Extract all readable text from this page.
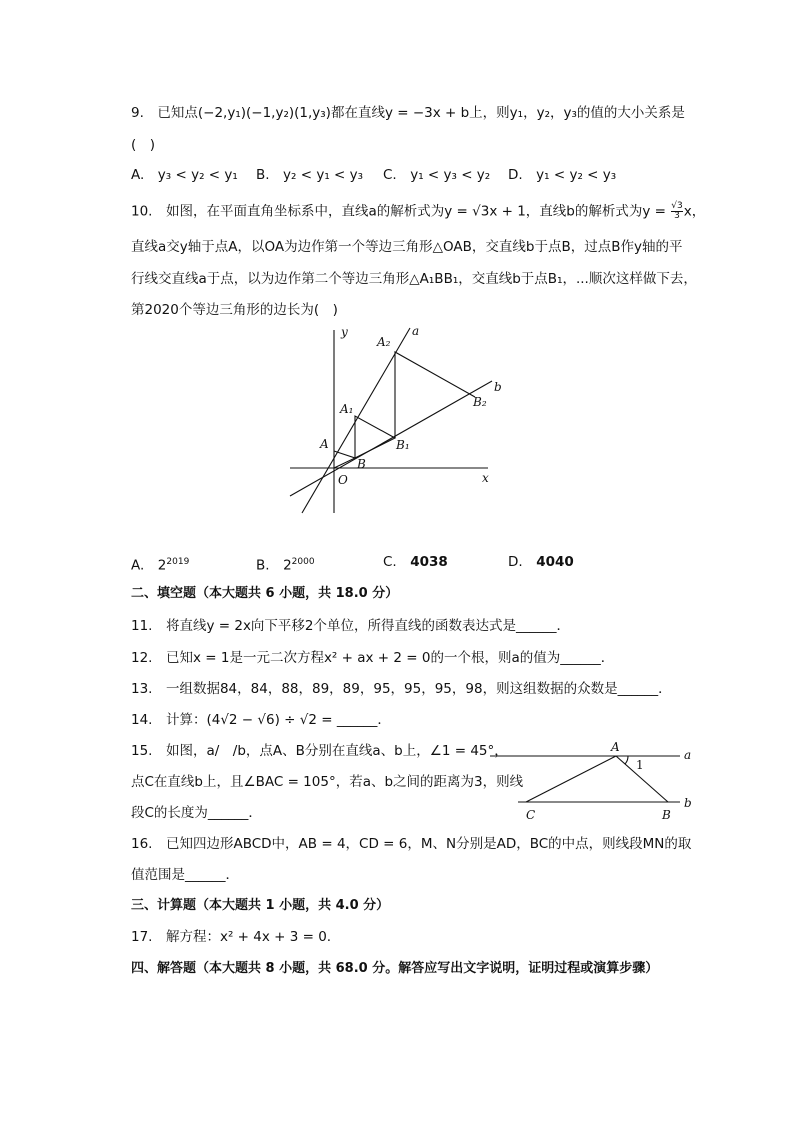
9. 已知点(−2,y₁)(−1,y₂)(1,y₃)都在直线y = −3x + b上，则y₁，y₂，y₃的值的大小关系是
( )
A. y₃ < y₂ < y₁ B. y₂ < y₁ < y₃ C. y₁ < y₃ < y₂ D. y₁ < y₂ < y₃
10. 如图，在平面直角坐标系中，直线a的解析式为y = √3x + 1，直线b的解析式为$y = \frac{√3}{3}$ x，
直线a交y轴于点A，以OA为边作第一个等边三角形△OAB，交直线b于点B，过点B作y轴的平
行线交直线a于点，以为边作第二个等边三角形△A₁BB₁，交直线b于点B₁，...顺次这样做下去，
第2020个等边三角形的边长为( )
y	a
A₂
b
B₂
A₁
B₁
A
B
O	x
A. $2^{2019}$	B. $2^{2000}$	C. 4038	D. 4040
二、填空题（本大题共 6 小题，共 18.0 分）
11. 将直线y = 2x向下平移2个单位，所得直线的函数表达式是______．
12. 已知x = 1是一元二次方程x² + ax + 2 = 0的一个根，则a的值为______．
13. 一组数据84，84，88，89，89，95，95，95，98，则这组数据的众数是______．
14. 计算：(4√2 − √6) ÷ √2 = ______．
15. 如图，a/ /b，点A、B分别在直线a、b上，∠1 = 45°，
点C在直线b上，且∠BAC = 105°，若a、b之间的距离为3，则线
段C的长度为______．
A
1
a
b
C	B
16. 已知四边形ABCD中，AB = 4，CD = 6，M、N分别是AD，BC的中点，则线段MN的取
值范围是______．
三、计算题（本大题共 1 小题，共 4.0 分）
17. 解方程：x² + 4x + 3 = 0.
四、解答题（本大题共 8 小题，共 68.0 分。解答应写出文字说明，证明过程或演算步骤）
